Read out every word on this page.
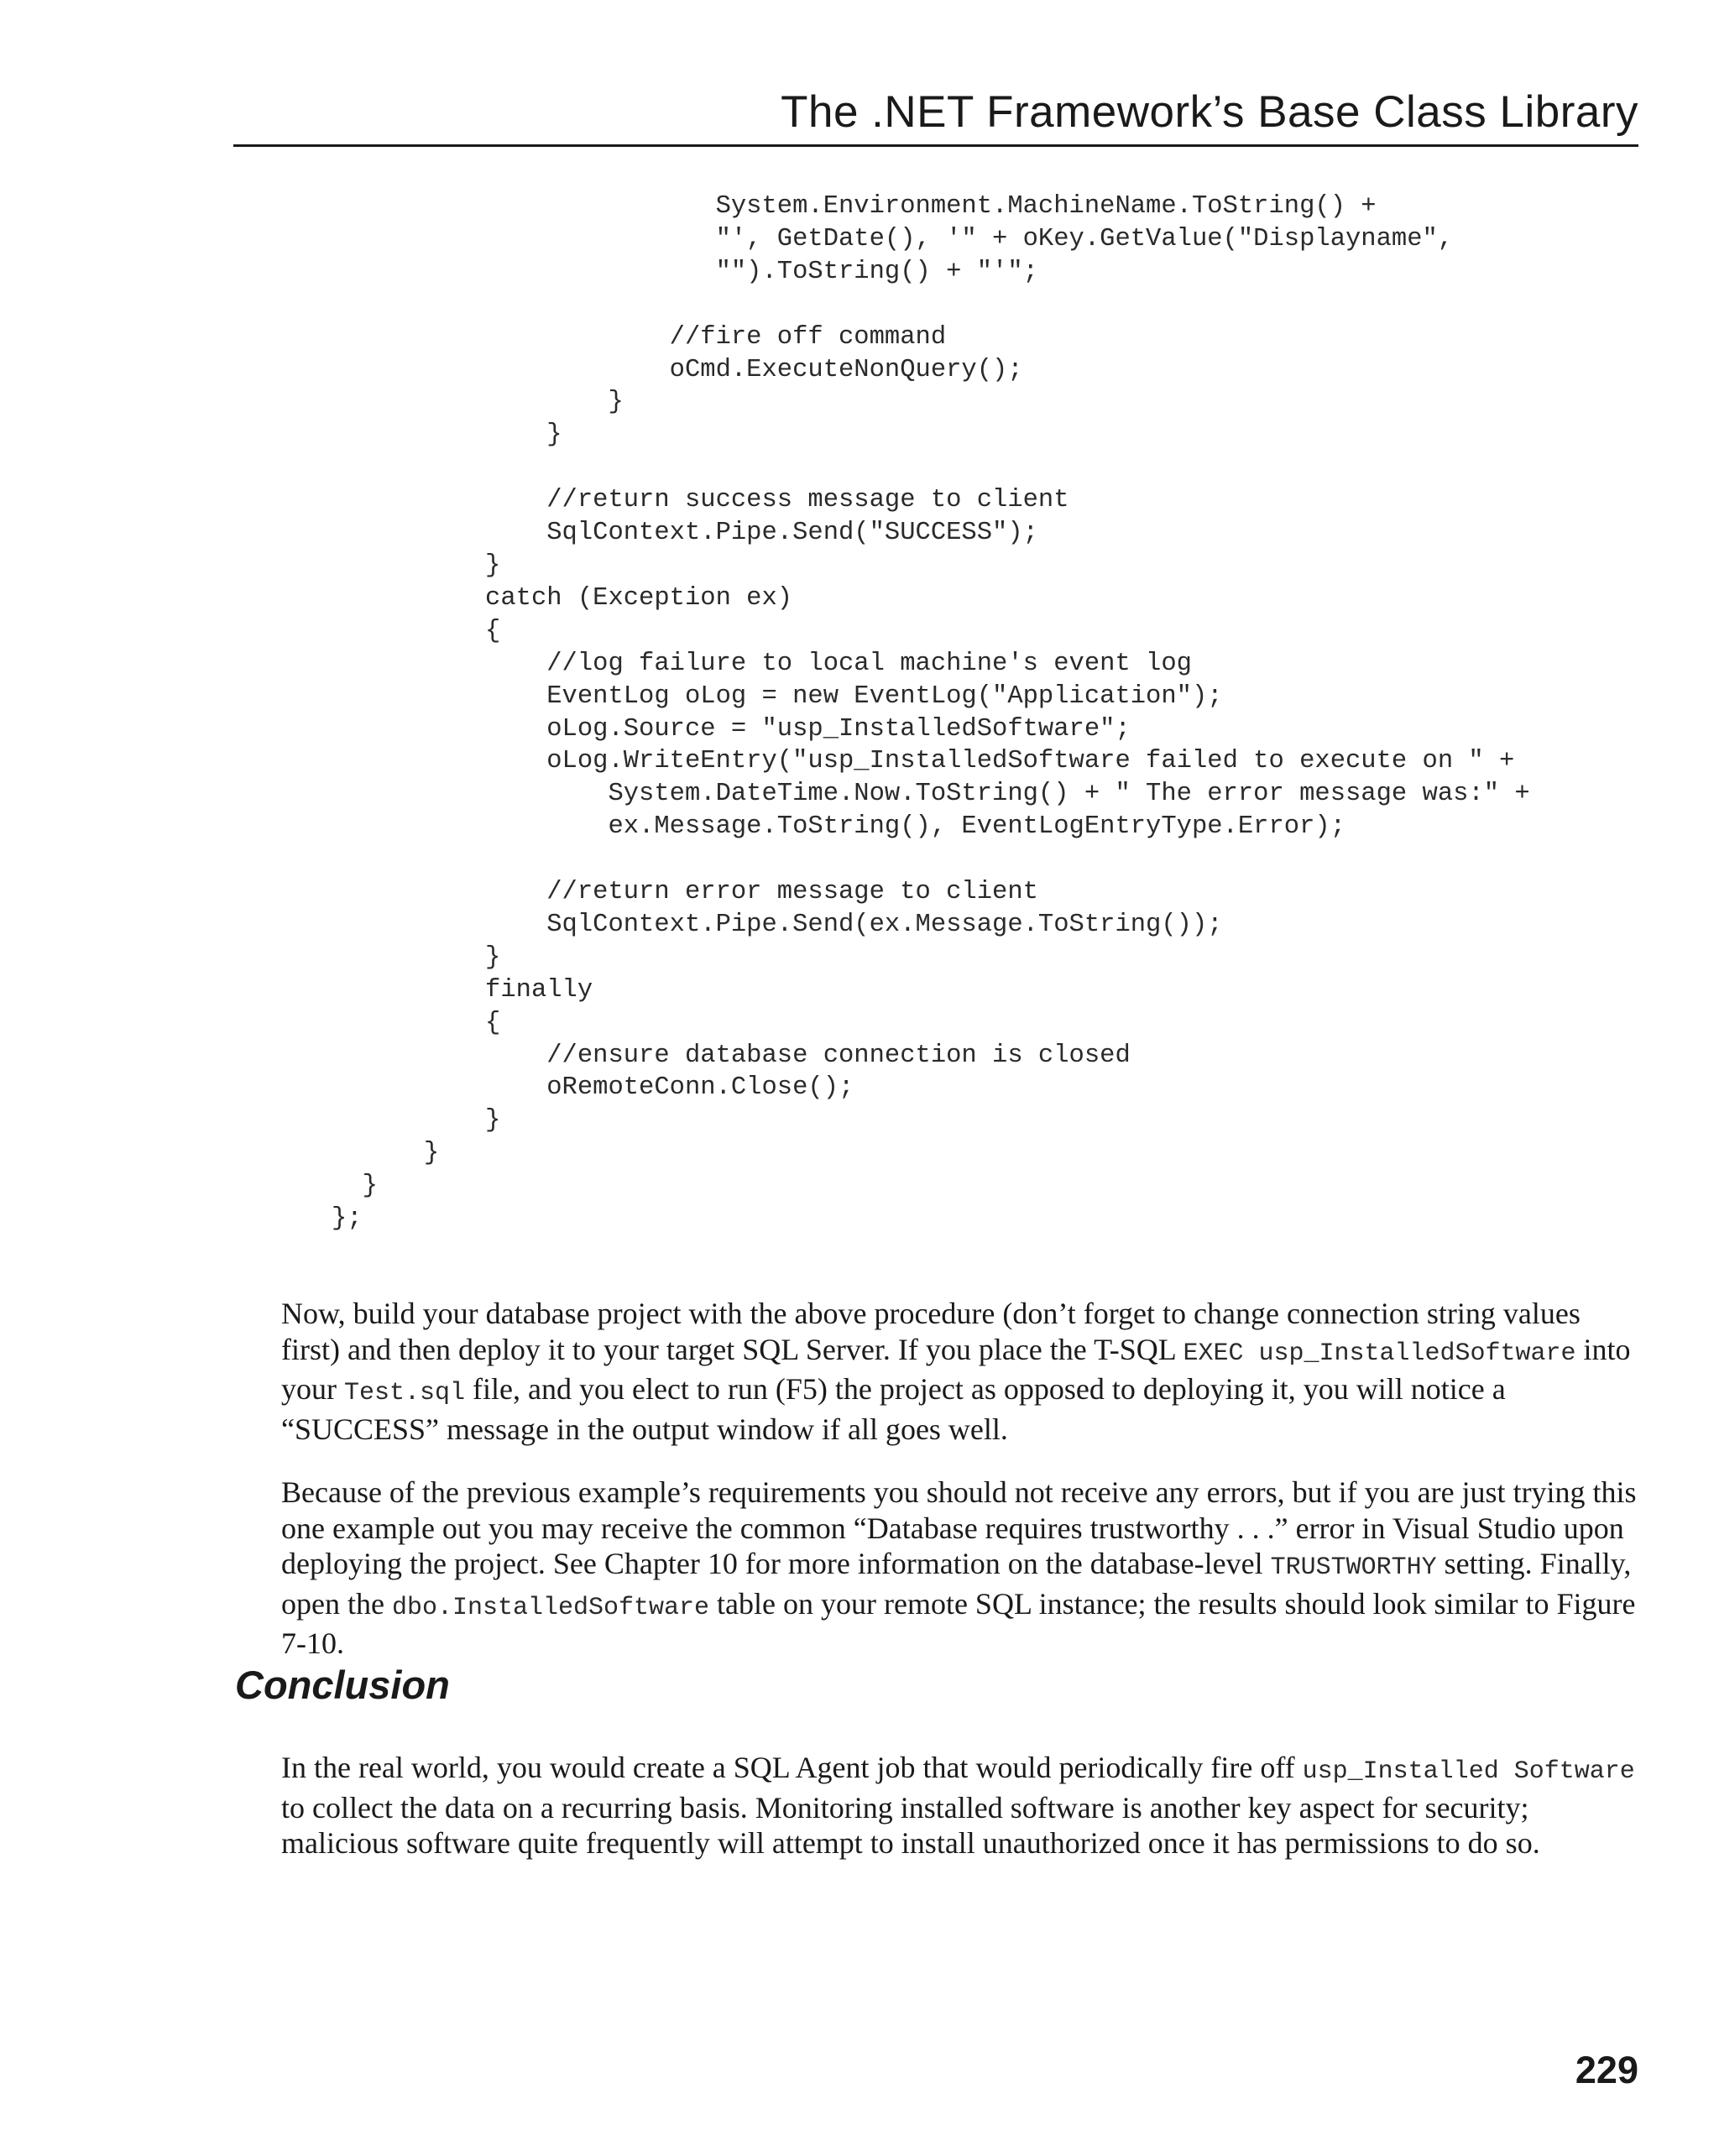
The .NET Framework’s Base Class Library
System.Environment.MachineName.ToString() +
"', GetDate(), '" + oKey.GetValue("Displayname",
"").ToString() + "'";

//fire off command
oCmd.ExecuteNonQuery();
}
}

//return success message to client
SqlContext.Pipe.Send("SUCCESS");
}
catch (Exception ex)
{
//log failure to local machine's event log
EventLog oLog = new EventLog("Application");
oLog.Source = "usp_InstalledSoftware";
oLog.WriteEntry("usp_InstalledSoftware failed to execute on " +
System.DateTime.Now.ToString() + " The error message was:" +
ex.Message.ToString(), EventLogEntryType.Error);

//return error message to client
SqlContext.Pipe.Send(ex.Message.ToString());
}
finally
{
//ensure database connection is closed
oRemoteConn.Close();
}
}
}
};

Now, build your database project with the above procedure (don’t forget to change connection string values first) and then deploy it to your target SQL Server. If you place the T-SQL EXEC usp_InstalledSoftware into your Test.sql file, and you elect to run (F5) the project as opposed to deploying it, you will notice a “SUCCESS” message in the output window if all goes well.

Because of the previous example’s requirements you should not receive any errors, but if you are just trying this one example out you may receive the common “Database requires trustworthy . . .” error in Visual Studio upon deploying the project. See Chapter 10 for more information on the database-level TRUSTWORTHY setting. Finally, open the dbo.InstalledSoftware table on your remote SQL instance; the results should look similar to Figure 7-10.

Conclusion

In the real world, you would create a SQL Agent job that would periodically fire off usp_Installed Software to collect the data on a recurring basis. Monitoring installed software is another key aspect for security; malicious software quite frequently will attempt to install unauthorized once it has permissions to do so.

229
